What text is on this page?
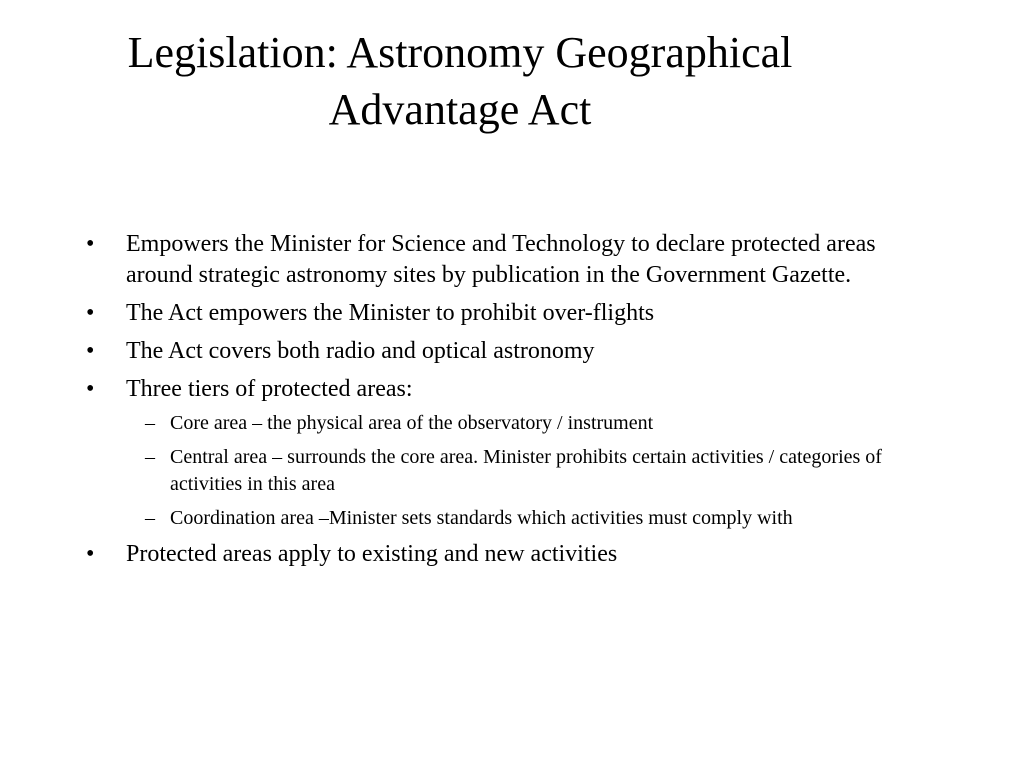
Legislation: Astronomy Geographical
Advantage Act
•	Empowers the Minister for Science and Technology to declare protected areas around strategic astronomy sites by publication in the Government Gazette.
•	The Act empowers the Minister to prohibit over-flights
•	The Act covers both radio and optical astronomy
•	Three tiers of protected areas:
– Core area – the physical area of the observatory / instrument
– Central area – surrounds the core area. Minister prohibits certain activities / categories of activities in this area
– Coordination area –Minister sets standards which activities must comply with
•	Protected areas apply to existing and new activities
